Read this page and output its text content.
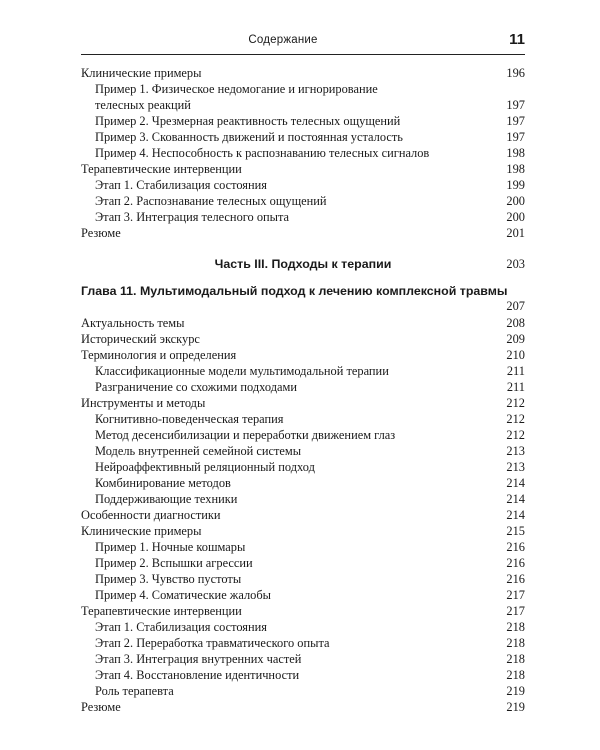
Содержание	11
Клинические примеры	196
Пример 1. Физическое недомогание и игнорирование телесных реакций	197
Пример 2. Чрезмерная реактивность телесных ощущений	197
Пример 3. Скованность движений и постоянная усталость	197
Пример 4. Неспособность к распознаванию телесных сигналов	198
Терапевтические интервенции	198
Этап 1. Стабилизация состояния	199
Этап 2. Распознавание телесных ощущений	200
Этап 3. Интеграция телесного опыта	200
Резюме	201
Часть III. Подходы к терапии	203
Глава 11. Мультимодальный подход к лечению комплексной травмы
207
Актуальность темы	208
Исторический экскурс	209
Терминология и определения	210
Классификационные модели мультимодальной терапии	211
Разграничение со схожими подходами	211
Инструменты и методы	212
Когнитивно-поведенческая терапия	212
Метод десенсибилизации и переработки движением глаз	212
Модель внутренней семейной системы	213
Нейроаффективный реляционный подход	213
Комбинирование методов	214
Поддерживающие техники	214
Особенности диагностики	214
Клинические примеры	215
Пример 1. Ночные кошмары	216
Пример 2. Вспышки агрессии	216
Пример 3. Чувство пустоты	216
Пример 4. Соматические жалобы	217
Терапевтические интервенции	217
Этап 1. Стабилизация состояния	218
Этап 2. Переработка травматического опыта	218
Этап 3. Интеграция внутренних частей	218
Этап 4. Восстановление идентичности	218
Роль терапевта	219
Резюме	219
